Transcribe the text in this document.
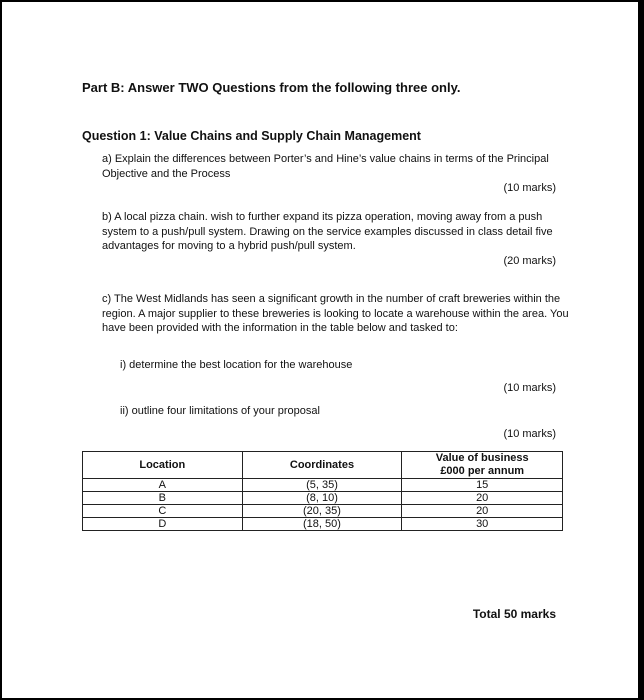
Part B: Answer TWO Questions from the following three only.

Question 1: Value Chains and Supply Chain Management

a) Explain the differences between Porter’s and Hine’s value chains in terms of the Principal Objective and the Process

(10 marks)

b) A local pizza chain. wish to further expand its pizza operation, moving away from a push system to a push/pull system. Drawing on the service examples discussed in class detail five advantages for moving to a hybrid push/pull system.

(20 marks)

c) The West Midlands has seen a significant growth in the number of craft breweries within the region. A major supplier to these breweries is looking to locate a warehouse within the area. You have been provided with the information in the table below and tasked to:

i) determine the best location for the warehouse

(10 marks)

ii) outline four limitations of your proposal

(10 marks)

Location	Coordinates	Value of business
£000 per annum
A	(5, 35)	15
B	(8, 10)	20
C	(20, 35)	20
D	(18, 50)	30

Total 50 marks
